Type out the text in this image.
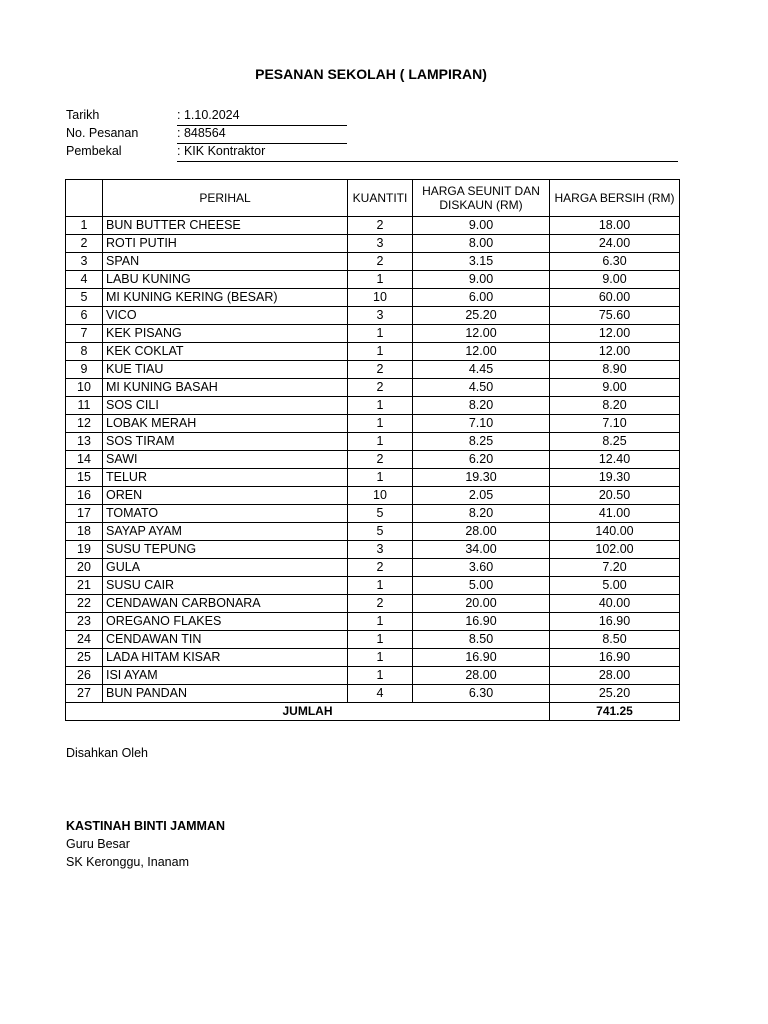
PESANAN SEKOLAH ( LAMPIRAN)
Tarikh	: 1.10.2024
No. Pesanan	: 848564
Pembekal	: KIK Kontraktor
	PERIHAL	KUANTITI	HARGA SEUNIT DAN DISKAUN (RM)	HARGA BERSIH (RM)
1	BUN BUTTER CHEESE	2	9.00	18.00
2	ROTI PUTIH	3	8.00	24.00
3	SPAN	2	3.15	6.30
4	LABU KUNING	1	9.00	9.00
5	MI KUNING KERING (BESAR)	10	6.00	60.00
6	VICO	3	25.20	75.60
7	KEK PISANG	1	12.00	12.00
8	KEK COKLAT	1	12.00	12.00
9	KUE TIAU	2	4.45	8.90
10	MI KUNING BASAH	2	4.50	9.00
11	SOS CILI	1	8.20	8.20
12	LOBAK MERAH	1	7.10	7.10
13	SOS TIRAM	1	8.25	8.25
14	SAWI	2	6.20	12.40
15	TELUR	1	19.30	19.30
16	OREN	10	2.05	20.50
17	TOMATO	5	8.20	41.00
18	SAYAP AYAM	5	28.00	140.00
19	SUSU TEPUNG	3	34.00	102.00
20	GULA	2	3.60	7.20
21	SUSU CAIR	1	5.00	5.00
22	CENDAWAN CARBONARA	2	20.00	40.00
23	OREGANO FLAKES	1	16.90	16.90
24	CENDAWAN TIN	1	8.50	8.50
25	LADA HITAM KISAR	1	16.90	16.90
26	ISI AYAM	1	28.00	28.00
27	BUN PANDAN	4	6.30	25.20
JUMLAH				741.25
Disahkan Oleh
KASTINAH BINTI JAMMAN
Guru Besar
SK Keronggu, Inanam
